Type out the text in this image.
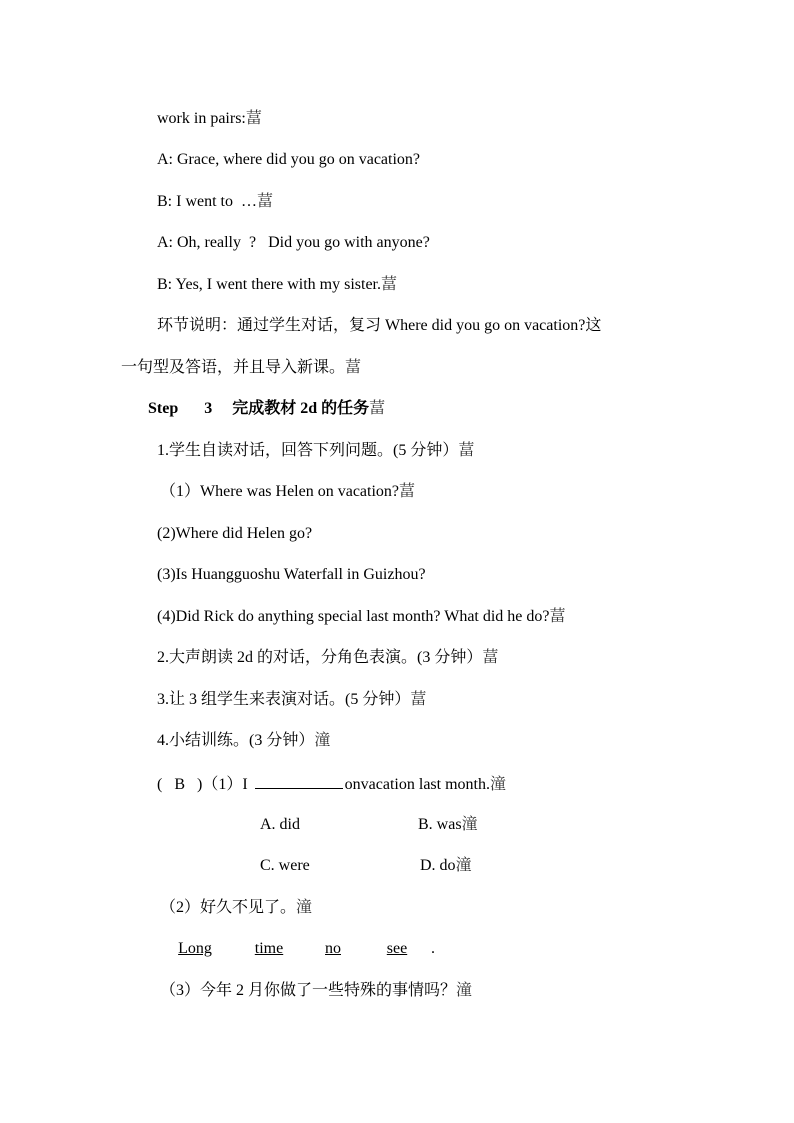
work in pairs:葍
A: Grace, where did you go on vacation?
B: I went to  …葍
A: Oh, really  ?   Did you go with anyone?
B: Yes, I went there with my sister.葍
环节说明：通过学生对话，复习 Where did you go on vacation?这
一句型及答语，并且导入新课。葍
Step 3 完成教材 2d 的任务葍
1.学生自读对话，回答下列问题。(5 分钟）葍
（1）Where was Helen on vacation?葍
(2)Where did Helen go?
(3)Is Huangguoshu Waterfall in Guizhou?
(4)Did Rick do anything special last month? What did he do?葍
2.大声朗读 2d 的对话，分角色表演。(3 分钟）葍
3.让 3 组学生来表演对话。(5 分钟）葍
4.小结训练。(3 分钟）潼
(   B   )（1）I	onvacation last month.潼
A. did	B. was潼
C. were	D. do潼
（2）好久不见了。潼
Long	time	no	see .
（3）今年 2 月你做了一些特殊的事情吗？潼
